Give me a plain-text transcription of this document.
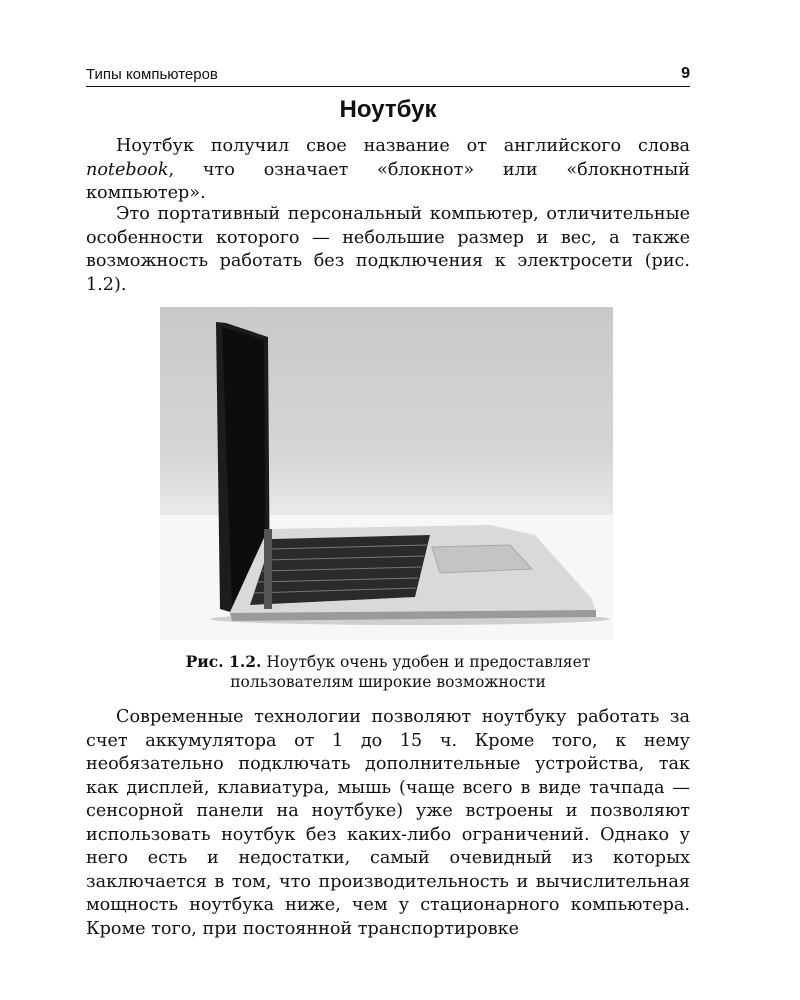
Типы компьютеров	9
Ноутбук

Ноутбук получил свое название от английского слова notebook, что означает «блокнот» или «блокнотный компьютер».

Это портативный персональный компьютер, отличительные особенности которого — небольшие размер и вес, а также возможность работать без подключения к электросети (рис. 1.2).

Рис. 1.2. Ноутбук очень удобен и предоставляет
пользователям широкие возможности

Современные технологии позволяют ноутбуку работать за счет аккумулятора от 1 до 15 ч. Кроме того, к нему необязательно подключать дополнительные устройства, так как дисплей, клавиатура, мышь (чаще всего в виде тачпада — сенсорной панели на ноутбуке) уже встроены и позволяют использовать ноутбук без каких-либо ограничений. Однако у него есть и недостатки, самый очевидный из которых заключается в том, что производительность и вычислительная мощность ноутбука ниже, чем у стационарного компьютера. Кроме того, при постоянной транспортировке
